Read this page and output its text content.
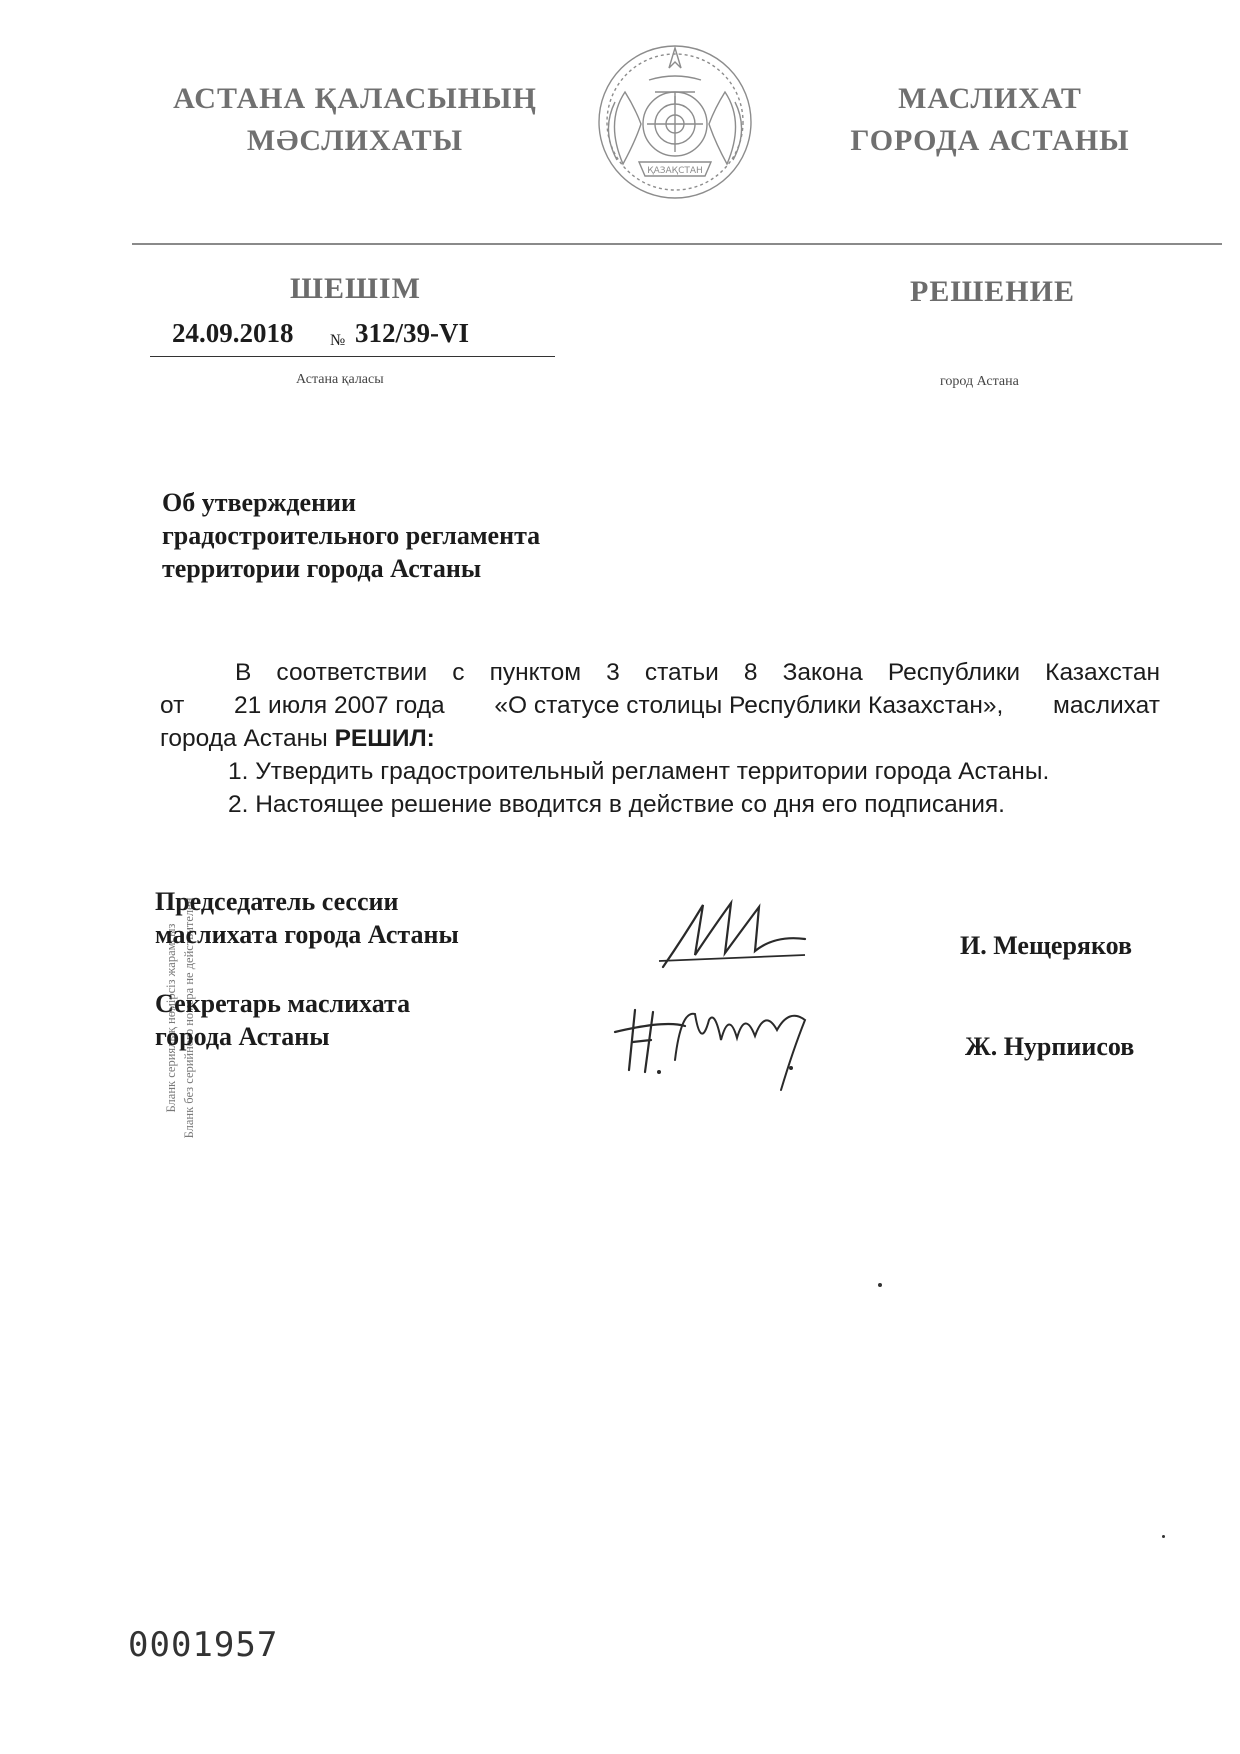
АСТАНА ҚАЛАСЫНЫҢ
МӘСЛИХАТЫ
ҚАЗАҚСТАН
МАСЛИХАТ
ГОРОДА АСТАНЫ
ШЕШІМ	РЕШЕНИЕ
24.09.2018 № 312/39-VI
Астана қаласы	город Астана
Об утверждении
градостроительного регламента
территории города Астаны
В соответствии с пунктом 3 статьи 8 Закона Республики Казахстан
от 21 июля 2007 года «О статусе столицы Республики Казахстан», маслихат
города Астаны РЕШИЛ:
1. Утвердить градостроительный регламент территории города Астаны.
2. Настоящее решение вводится в действие со дня его подписания.
Бланк сериялық нөмірсіз жарамсыз Бланк без серийного номера не действителен
Председатель сессии
маслихата города Астаны	И. Мещеряков
Секретарь маслихата
города Астаны	Ж. Нурпиисов
0001957
